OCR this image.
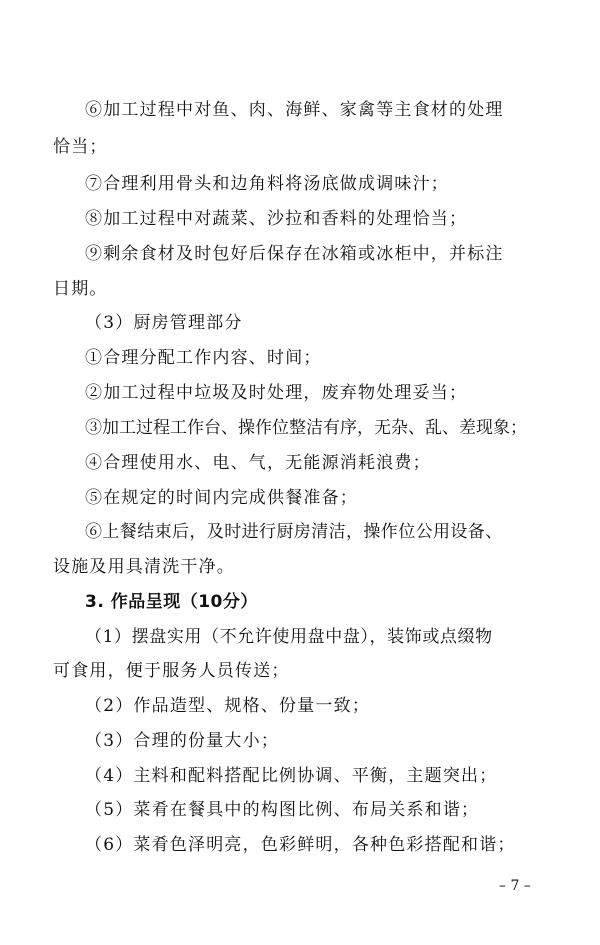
⑥加工过程中对鱼、肉、海鲜、家禽等主食材的处理
恰当；
⑦合理利用骨头和边角料将汤底做成调味汁；
⑧加工过程中对蔬菜、沙拉和香料的处理恰当；
⑨剩余食材及时包好后保存在冰箱或冰柜中，并标注
日期。
（3）厨房管理部分
①合理分配工作内容、时间；
②加工过程中垃圾及时处理，废弃物处理妥当；
③加工过程工作台、操作位整洁有序，无杂、乱、差现象；
④合理使用水、电、气，无能源消耗浪费；
⑤在规定的时间内完成供餐准备；
⑥上餐结束后，及时进行厨房清洁，操作位公用设备、
设施及用具清洗干净。
3. 作品呈现（10分）
（1）摆盘实用（不允许使用盘中盘），装饰或点缀物
可食用，便于服务人员传送；
（2）作品造型、规格、份量一致；
（3）合理的份量大小；
（4）主料和配料搭配比例协调、平衡，主题突出；
（5）菜肴在餐具中的构图比例、布局关系和谐；
（6）菜肴色泽明亮，色彩鲜明，各种色彩搭配和谐；
– 7 –
